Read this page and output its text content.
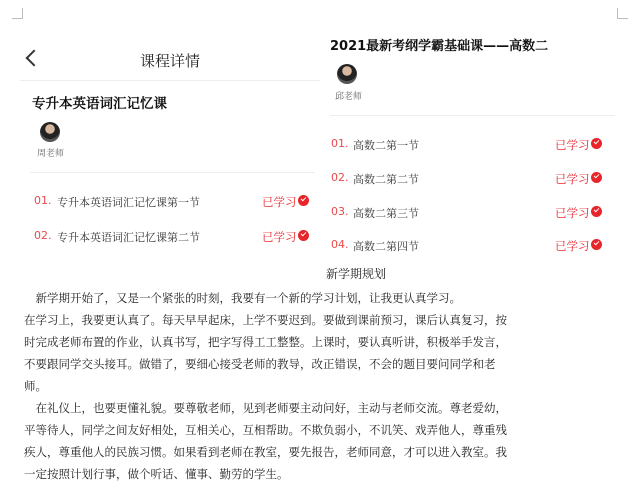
课程详情
专升本英语词汇记忆课
周老师
01. 专升本英语词汇记忆课第一节	已学习
02. 专升本英语词汇记忆课第二节	已学习
2021最新考纲学霸基础课——高数二
邱老师
01. 高数二第一节	已学习
02. 高数二第二节	已学习
03. 高数二第三节	已学习
04. 高数二第四节	已学习
新学期规划
　新学期开始了，又是一个紧张的时刻，我要有一个新的学习计划，让我更认真学习。
在学习上，我要更认真了。每天早早起床，上学不要迟到。要做到课前预习，课后认真复习，按
时完成老师布置的作业，认真书写，把字写得工工整整。上课时，要认真听讲，积极举手发言，
不要跟同学交头接耳。做错了，要细心接受老师的教导，改正错误，不会的题目要问同学和老
师。
　在礼仪上，也要更懂礼貌。要尊敬老师，见到老师要主动问好，主动与老师交流。尊老爱幼，
平等待人，同学之间友好相处，互相关心，互相帮助。不欺负弱小，不讥笑、戏弄他人，尊重残
疾人，尊重他人的民族习惯。如果看到老师在教室，要先报告，老师同意，才可以进入教室。我
一定按照计划行事，做个听话、懂事、勤劳的学生。
